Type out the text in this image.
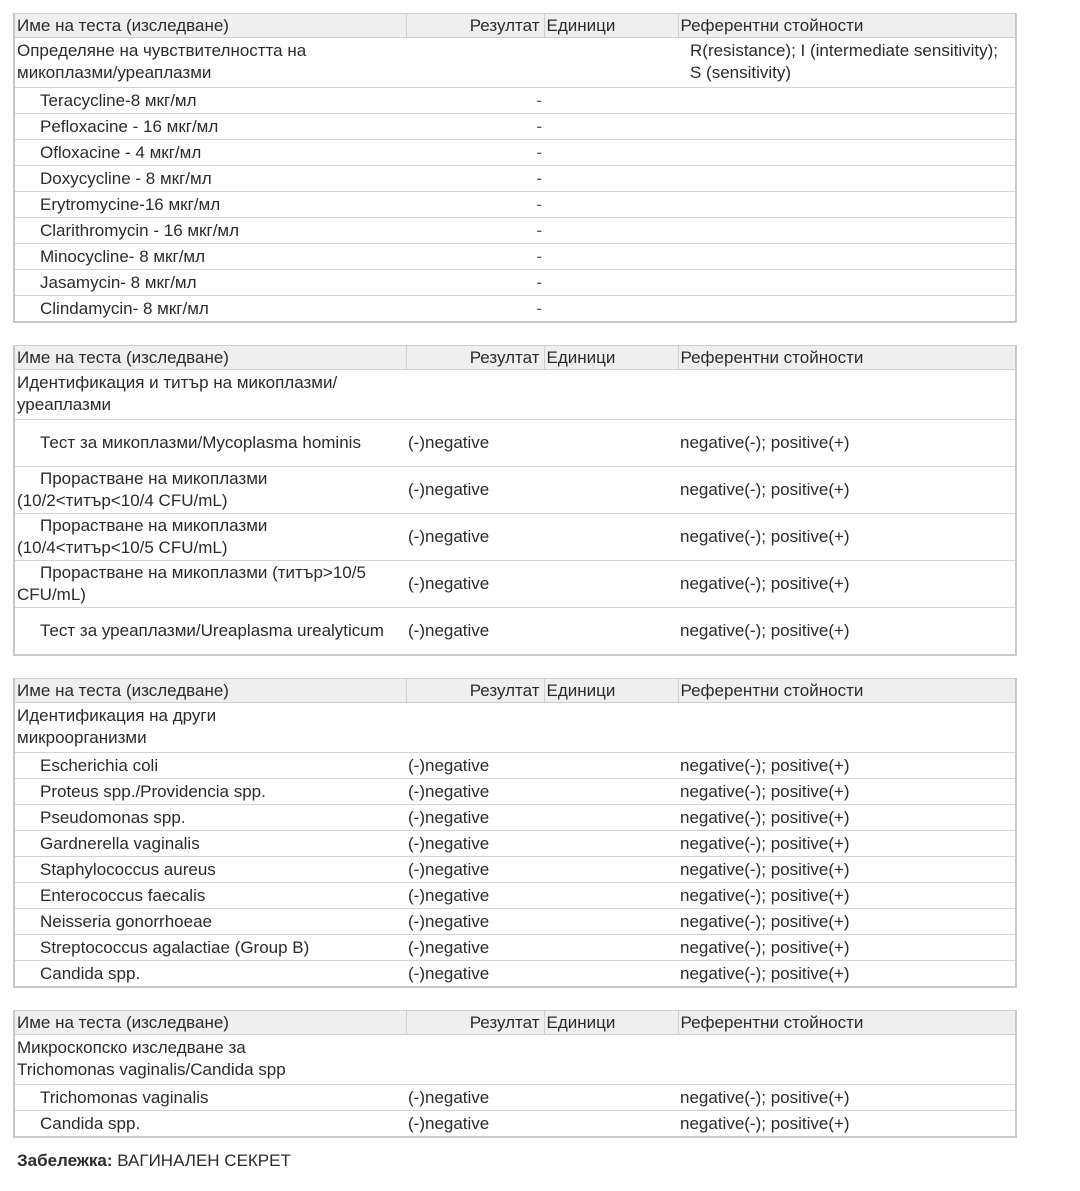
Име на теста (изследване)	Резултат	Единици	Референтни стойности
Определяне на чувствителността на микоплазми/уреаплазми			R(resistance); I (intermediate sensitivity); S (sensitivity)
Teracycline-8 мкг/мл	-		
Pefloxacine - 16 мкг/мл	-		
Ofloxacine - 4 мкг/мл	-		
Doxycycline - 8 мкг/мл	-		
Erytromycine-16 мкг/мл	-		
Clarithromycin - 16 мкг/мл	-		
Minocycline- 8 мкг/мл	-		
Jasamycin- 8 мкг/мл	-		
Clindamycin- 8 мкг/мл	-		
Име на теста (изследване)	Резултат	Единици	Референтни стойности
Идентификация и титър на микоплазми/ уреаплазми			
Тест за микоплазми/Mycoplasma hominis	(-)negative		negative(-); positive(+)
Прорастване на микоплазми (10/2<титър<10/4 CFU/mL)	(-)negative		negative(-); positive(+)
Прорастване на микоплазми (10/4<титър<10/5 CFU/mL)	(-)negative		negative(-); positive(+)
Прорастване на микоплазми (титър>10/5 CFU/mL)	(-)negative		negative(-); positive(+)
Тест за уреаплазми/Ureaplasma urealyticum	(-)negative		negative(-); positive(+)
Име на теста (изследване)	Резултат	Единици	Референтни стойности
Идентификация на други микроорганизми			
Escherichia coli	(-)negative		negative(-); positive(+)
Proteus spp./Providencia spp.	(-)negative		negative(-); positive(+)
Pseudomonas spp.	(-)negative		negative(-); positive(+)
Gardnerella vaginalis	(-)negative		negative(-); positive(+)
Staphylococcus aureus	(-)negative		negative(-); positive(+)
Enterococcus faecalis	(-)negative		negative(-); positive(+)
Neisseria gonorrhoeae	(-)negative		negative(-); positive(+)
Streptococcus agalactiae (Group B)	(-)negative		negative(-); positive(+)
Candida spp.	(-)negative		negative(-); positive(+)
Име на теста (изследване)	Резултат	Единици	Референтни стойности
Микроскопско изследване за Trichomonas vaginalis/Candida spp			
Trichomonas vaginalis	(-)negative		negative(-); positive(+)
Candida spp.	(-)negative		negative(-); positive(+)
Забележка: ВАГИНАЛЕН СЕКРЕТ
